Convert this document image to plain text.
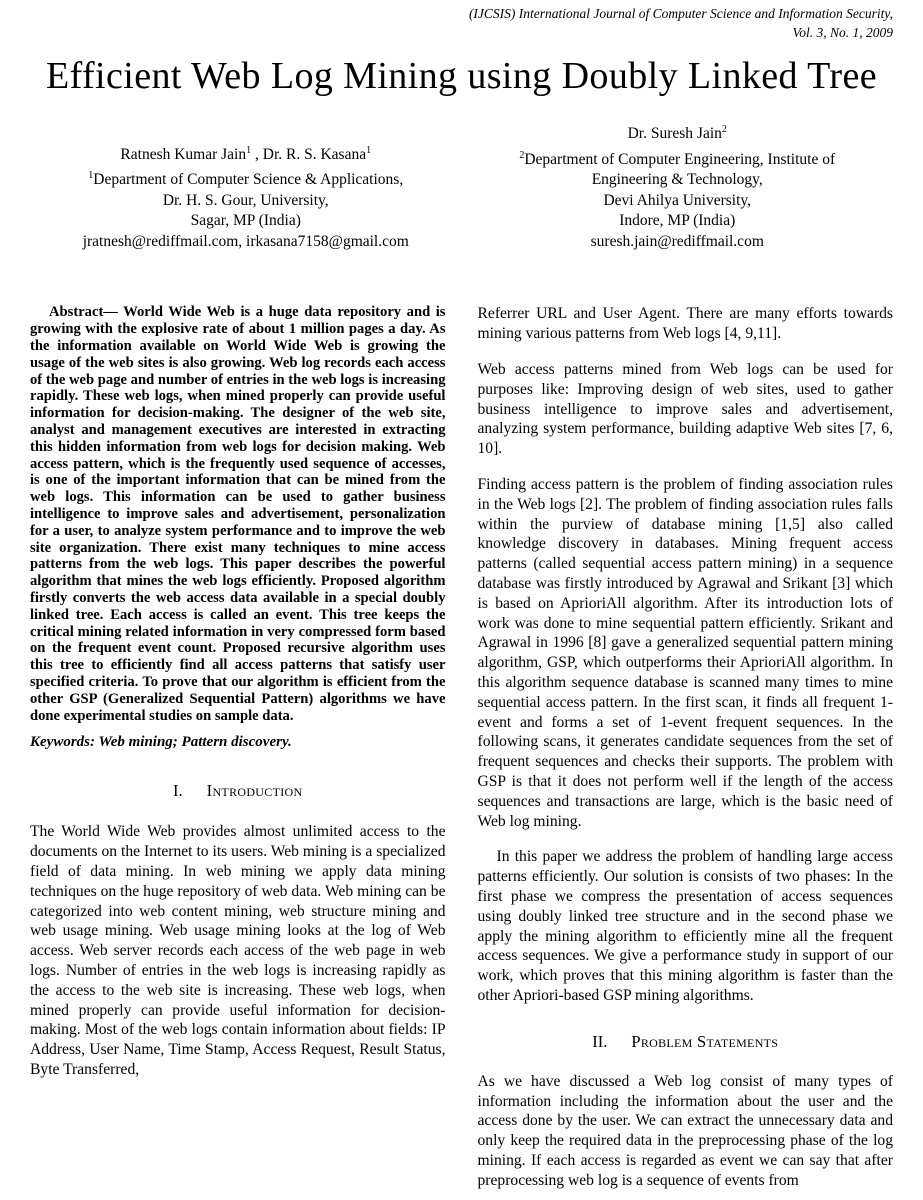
(IJCSIS) International Journal of Computer Science and Information Security,
Vol. 3, No. 1, 2009
Efficient Web Log Mining using Doubly Linked Tree
Ratnesh Kumar Jain$^1$ , Dr. R. S. Kasana$^1$
$^1$Department of Computer Science & Applications,
Dr. H. S. Gour, University,
Sagar, MP (India)
jratnesh@rediffmail.com, irkasana7158@gmail.com
Dr. Suresh Jain$^2$
$^2$Department of Computer Engineering, Institute of
Engineering & Technology,
Devi Ahilya University,
Indore, MP (India)
suresh.jain@rediffmail.com

Abstract— World Wide Web is a huge data repository and is growing with the explosive rate of about 1 million pages a day. As the information available on World Wide Web is growing the usage of the web sites is also growing. Web log records each access of the web page and number of entries in the web logs is increasing rapidly. These web logs, when mined properly can provide useful information for decision-making. The designer of the web site, analyst and management executives are interested in extracting this hidden information from web logs for decision making. Web access pattern, which is the frequently used sequence of accesses, is one of the important information that can be mined from the web logs. This information can be used to gather business intelligence to improve sales and advertisement, personalization for a user, to analyze system performance and to improve the web site organization. There exist many techniques to mine access patterns from the web logs. This paper describes the powerful algorithm that mines the web logs efficiently. Proposed algorithm firstly converts the web access data available in a special doubly linked tree. Each access is called an event. This tree keeps the critical mining related information in very compressed form based on the frequent event count. Proposed recursive algorithm uses this tree to efficiently find all access patterns that satisfy user specified criteria. To prove that our algorithm is efficient from the other GSP (Generalized Sequential Pattern) algorithms we have done experimental studies on sample data.

Keywords: Web mining; Pattern discovery.

I. Introduction

The World Wide Web provides almost unlimited access to the documents on the Internet to its users. Web mining is a specialized field of data mining. In web mining we apply data mining techniques on the huge repository of web data. Web mining can be categorized into web content mining, web structure mining and web usage mining. Web usage mining looks at the log of Web access. Web server records each access of the web page in web logs. Number of entries in the web logs is increasing rapidly as the access to the web site is increasing. These web logs, when mined properly can provide useful information for decision-making. Most of the web logs contain information about fields: IP Address, User Name, Time Stamp, Access Request, Result Status, Byte Transferred,

Referrer URL and User Agent. There are many efforts towards mining various patterns from Web logs [4, 9,11].

Web access patterns mined from Web logs can be used for purposes like: Improving design of web sites, used to gather business intelligence to improve sales and advertisement, analyzing system performance, building adaptive Web sites [7, 6, 10].

Finding access pattern is the problem of finding association rules in the Web logs [2]. The problem of finding association rules falls within the purview of database mining [1,5] also called knowledge discovery in databases. Mining frequent access patterns (called sequential access pattern mining) in a sequence database was firstly introduced by Agrawal and Srikant [3] which is based on AprioriAll algorithm. After its introduction lots of work was done to mine sequential pattern efficiently. Srikant and Agrawal in 1996 [8] gave a generalized sequential pattern mining algorithm, GSP, which outperforms their AprioriAll algorithm. In this algorithm sequence database is scanned many times to mine sequential access pattern. In the first scan, it finds all frequent 1-event and forms a set of 1-event frequent sequences. In the following scans, it generates candidate sequences from the set of frequent sequences and checks their supports. The problem with GSP is that it does not perform well if the length of the access sequences and transactions are large, which is the basic need of Web log mining.

In this paper we address the problem of handling large access patterns efficiently. Our solution is consists of two phases: In the first phase we compress the presentation of access sequences using doubly linked tree structure and in the second phase we apply the mining algorithm to efficiently mine all the frequent access sequences. We give a performance study in support of our work, which proves that this mining algorithm is faster than the other Apriori-based GSP mining algorithms.

II. Problem Statements

As we have discussed a Web log consist of many types of information including the information about the user and the access done by the user. We can extract the unnecessary data and only keep the required data in the preprocessing phase of the log mining. If each access is regarded as event we can say that after preprocessing web log is a sequence of events from
